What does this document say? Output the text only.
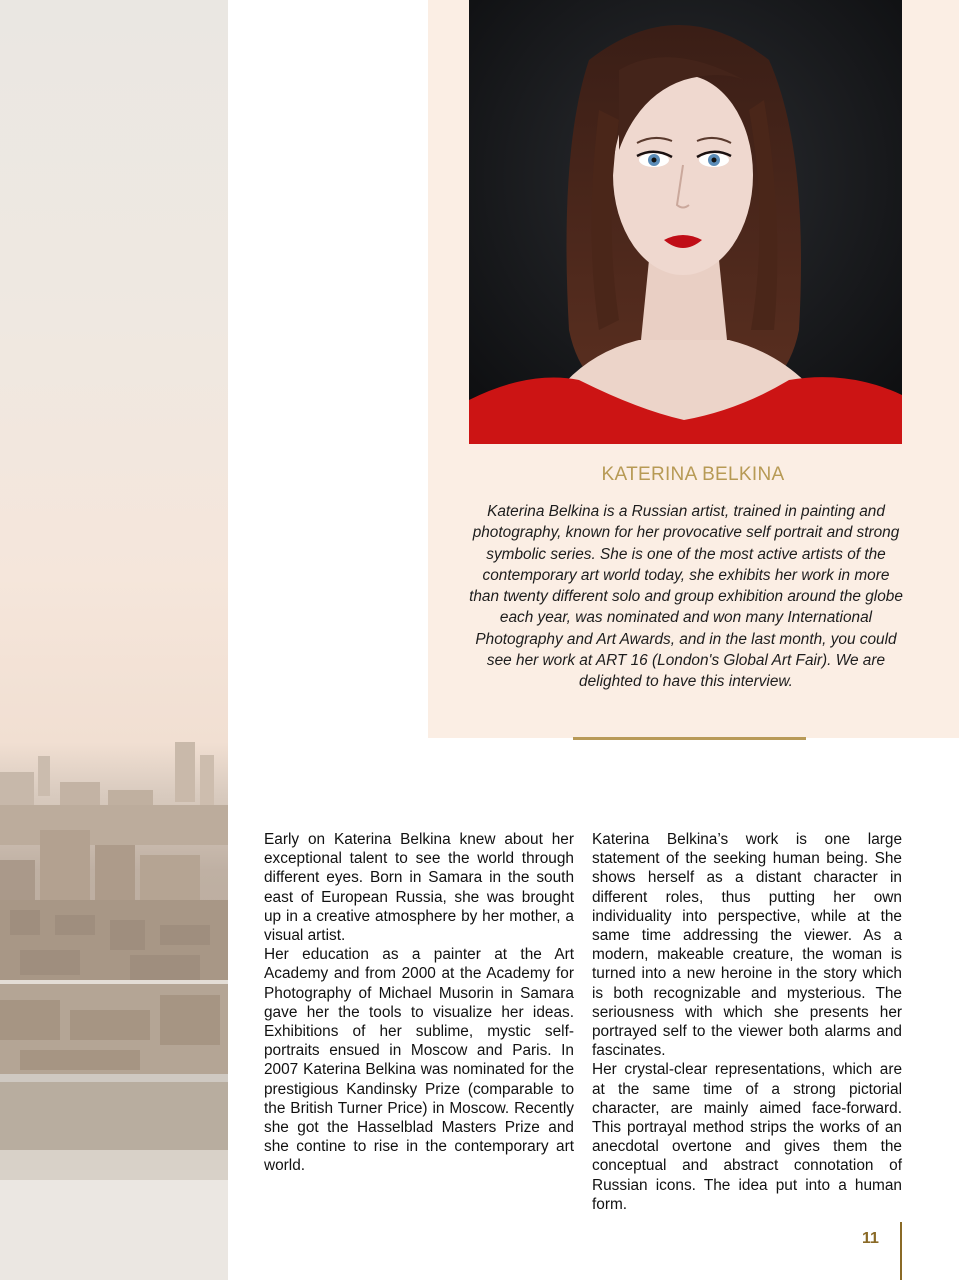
KATERINA BELKINA

Katerina Belkina is a Russian artist, trained in painting and photography, known for her provocative self portrait and strong symbolic series. She is one of the most active artists of the contemporary art world today, she exhibits her work in more than twenty different solo and group exhibition around the globe each year, was nominated and won many International Photography and Art Awards, and in the last month, you could see her work at ART 16 (London's Global Art Fair). We are delighted to have this interview.

Early on Katerina Belkina knew about her exceptional talent to see the world through different eyes. Born in Samara in the south east of European Russia, she was brought up in a creative atmosphere by her mother, a visual artist.

Her education as a painter at the Art Academy and from 2000 at the Academy for Photography of Michael Musorin in Samara gave her the tools to visualize her ideas. Exhibitions of her sublime, mystic self-portraits ensued in Moscow and Paris. In 2007 Katerina Belkina was nominated for the prestigious Kandinsky Prize (comparable to the British Turner Price) in Moscow. Recently she got the Hasselblad Masters Prize and she contine to rise in the contemporary art world.

Katerina Belkina’s work is one large statement of the seeking human being. She shows herself as a distant character in different roles, thus putting her own individuality into perspective, while at the same time addressing the viewer. As a modern, makeable creature, the woman is turned into a new heroine in the story which is both recognizable and mysterious. The seriousness with which she presents her portrayed self to the viewer both alarms and fascinates.

Her crystal-clear representations, which are at the same time of a strong pictorial character, are mainly aimed face-forward. This portrayal method strips the works of an anecdotal overtone and gives them the conceptual and abstract connotation of Russian icons. The idea put into a human form.

11
